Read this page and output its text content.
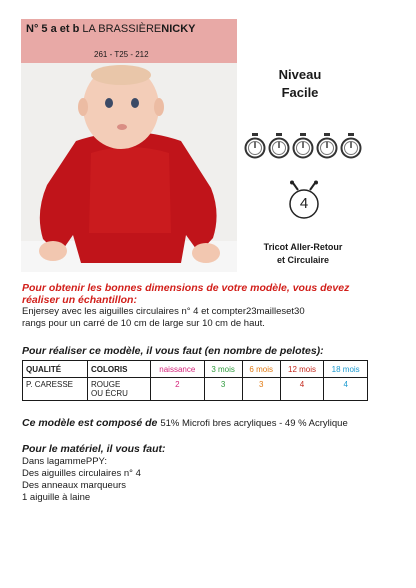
N° 5 a et b LA BRASSIÈRENICKY
261 - T25 - 212
Niveau
Facile
4
Tricot Aller-Retour
et Circulaire
Pour obtenir les bonnes dimensions de votre modèle, vous devez
réaliser un échantillon:
Enjersey avec les aiguilles circulaires n° 4 et compter23mailleset30
rangs pour un carré de 10 cm de large sur 10 cm de haut.
Pour réaliser ce modèle, il vous faut (en nombre de pelotes):
QUALITÉ	COLORIS	naissance	3 mois	6 mois	12 mois	18 mois
P. CARESSE	ROUGE
OU ÉCRU	2	3	3	4	4
Ce modèle est composé de 51% Microfi bres acryliques - 49 % Acrylique
Pour le matériel, il vous faut:
Dans lagammePPY:
Des aiguilles circulaires n° 4
Des anneaux marqueurs
1 aiguille à laine
